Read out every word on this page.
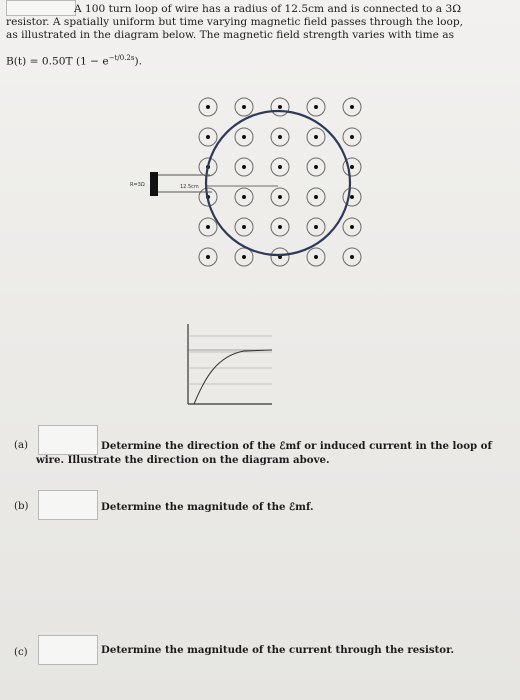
A 100 turn loop of wire has a radius of 12.5cm and is connected to a 3Ω

resistor. A spatially uniform but time varying magnetic field passes through the loop,

as illustrated in the diagram below. The magnetic field strength varies with time as

B(t) = 0.50T $(1 - e^{-t/0.2s})$.
R=3Ω	12.5cm
(a)	Determine the direction of the ℰmf or induced current in the loop of
wire. Illustrate the direction on the diagram above.
(b)	Determine the magnitude of the ℰmf.
(c)	Determine the magnitude of the current through the resistor.
